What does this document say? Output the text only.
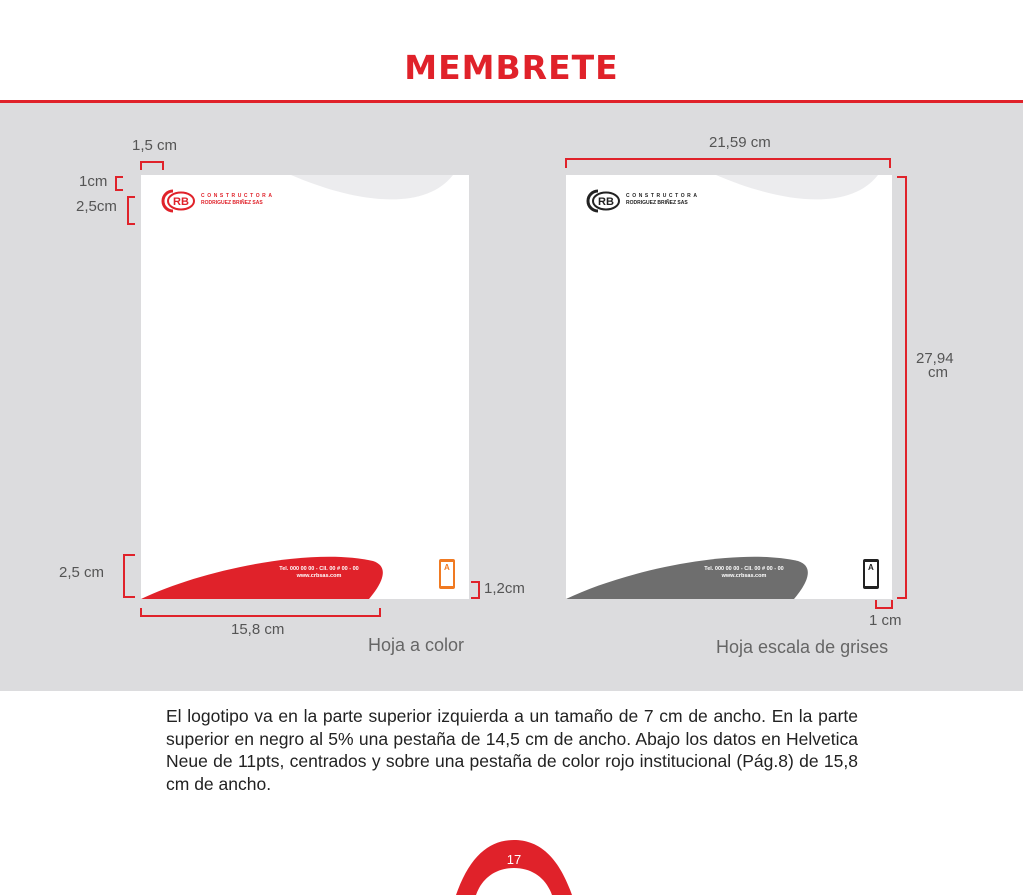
MEMBRETE
RB CONSTRUCTORA
RODRIGUEZ BRIÑEZ SAS
Tel. 000 00 00 - Cll. 00 # 00 - 00
www.crbsas.com
A
RB CONSTRUCTORA
RODRIGUEZ BRIÑEZ SAS
Tel. 000 00 00 - Cll. 00 # 00 - 00
www.crbsas.com
A
1,5 cm
1cm
2,5cm
2,5 cm
15,8 cm
1,2cm
21,59 cm
27,94
cm
1 cm
Hoja a color	Hoja escala de grises
El logotipo va en la parte superior izquierda a un tamaño de 7 cm de ancho. En la parte superior en negro al 5% una pestaña de 14,5 cm de ancho. Abajo los datos en Helvetica Neue de 11pts, centrados y sobre una pestaña de color rojo institucional (Pág.8) de 15,8 cm de ancho.
17
